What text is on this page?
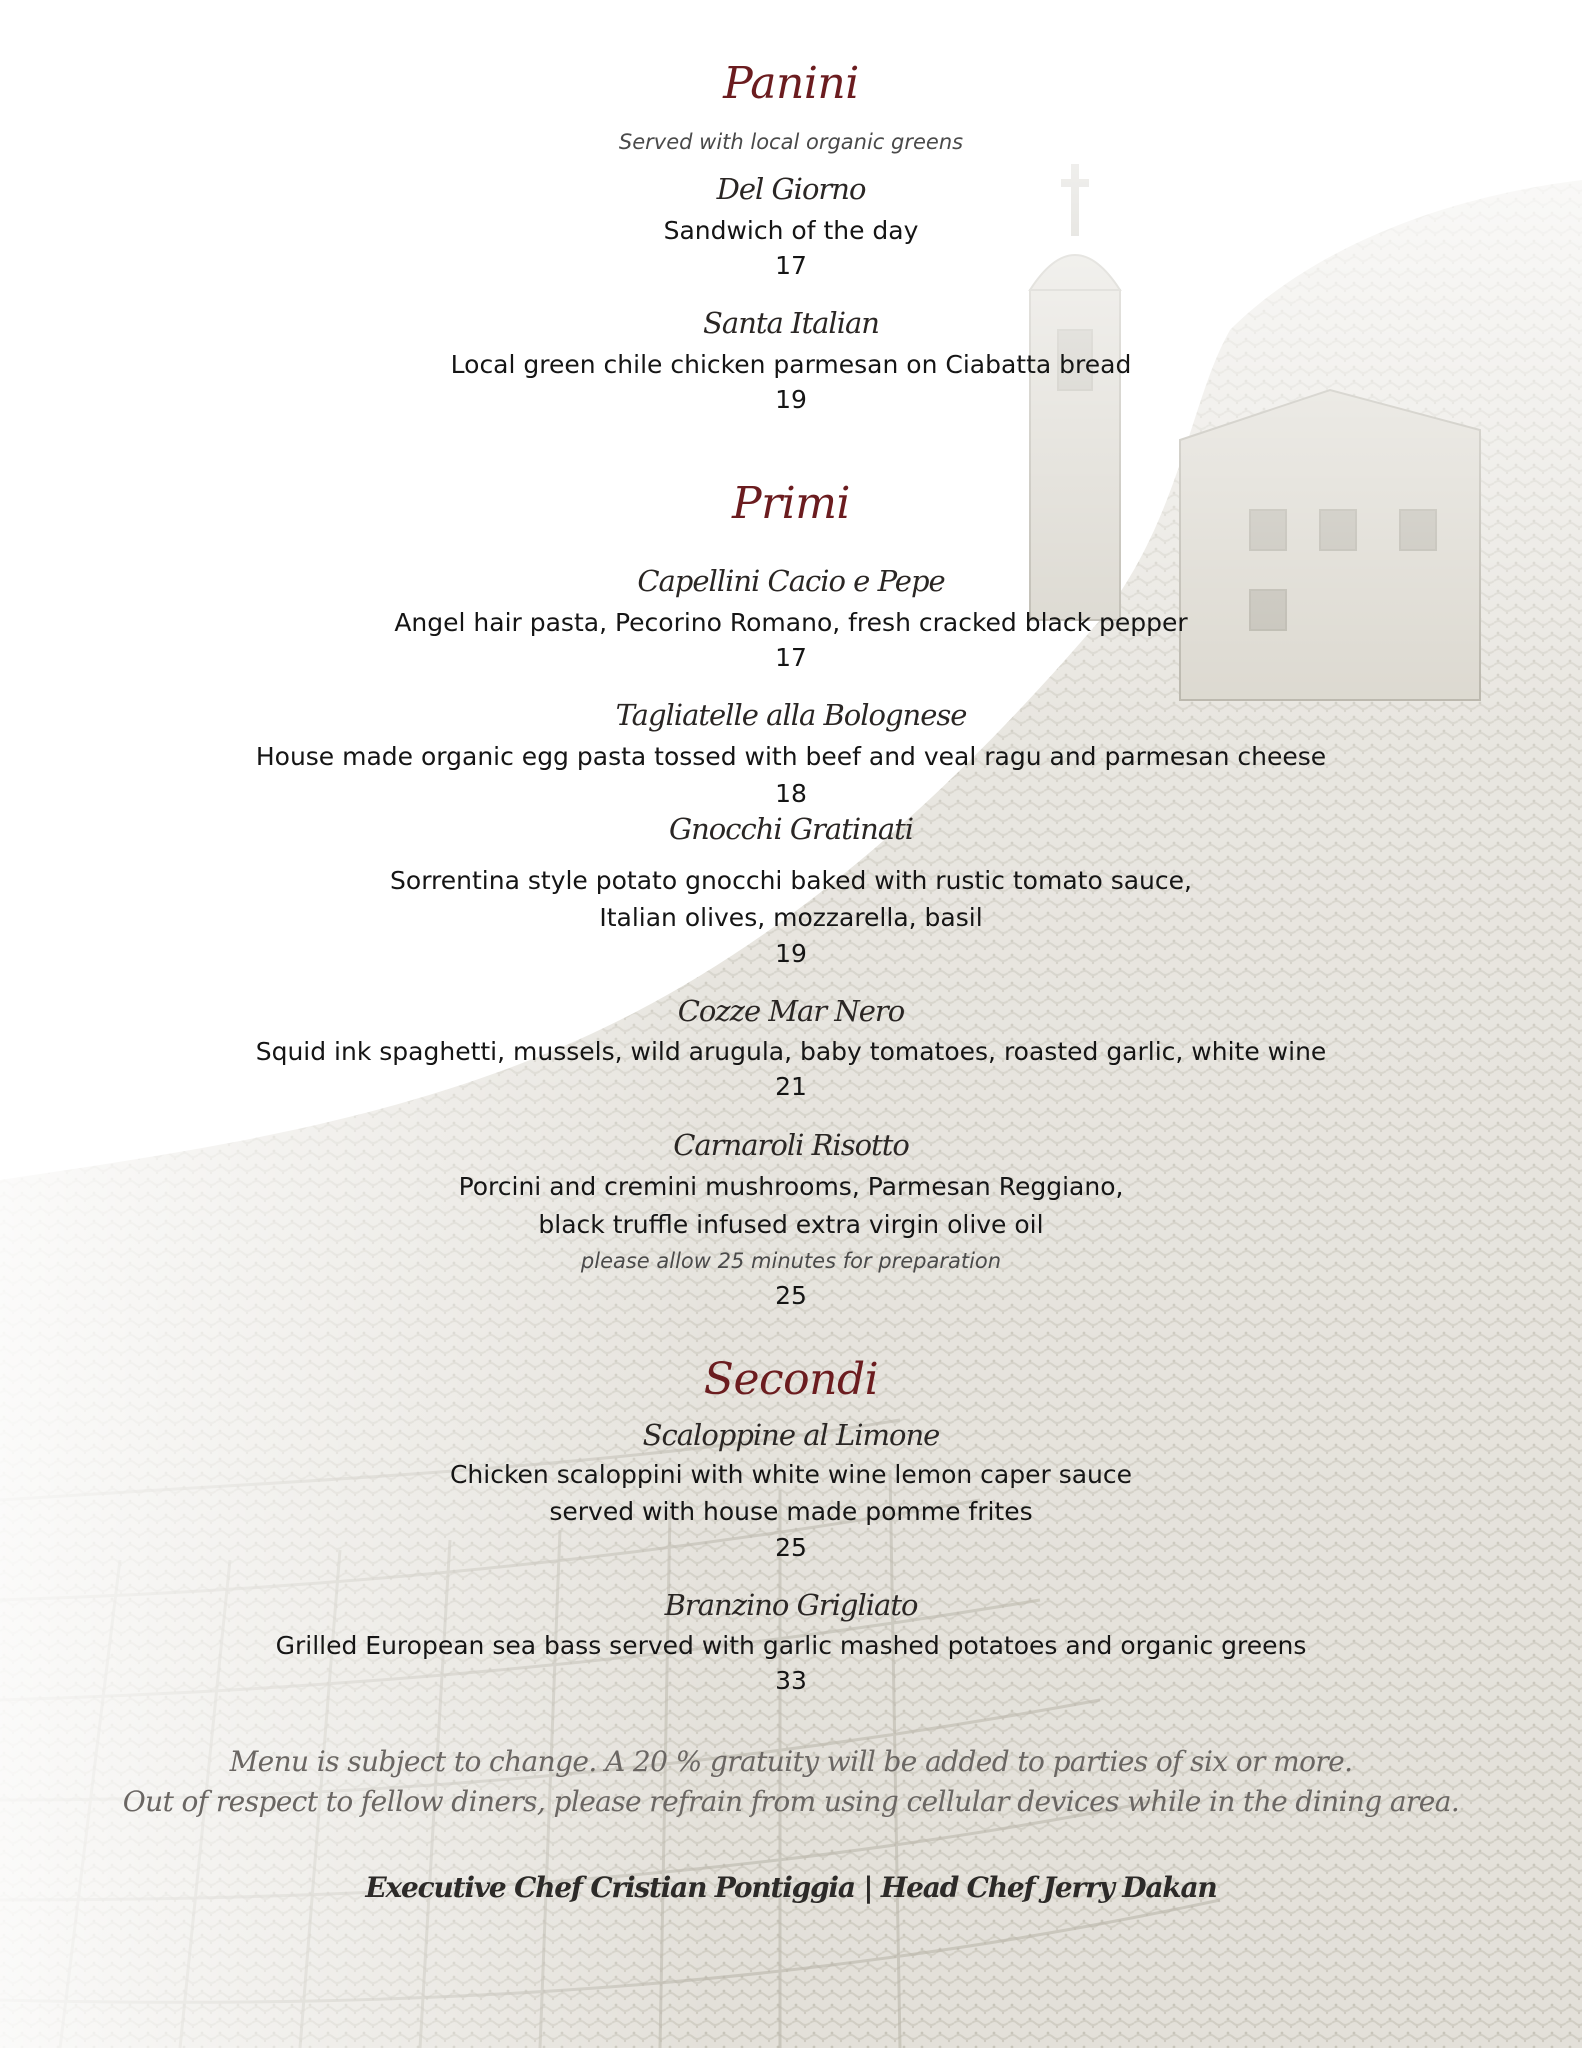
Panini
Served with local organic greens
Del Giorno
Sandwich of the day
17
Santa Italian
Local green chile chicken parmesan on Ciabatta bread
19
Primi
Capellini Cacio e Pepe
Angel hair pasta, Pecorino Romano, fresh cracked black pepper
17
Tagliatelle alla Bolognese
House made organic egg pasta tossed with beef and veal ragu and parmesan cheese
18
Gnocchi Gratinati
Sorrentina style potato gnocchi baked with rustic tomato sauce,
Italian olives, mozzarella, basil
19
Cozze Mar Nero
Squid ink spaghetti, mussels, wild arugula, baby tomatoes, roasted garlic, white wine
21
Carnaroli Risotto
Porcini and cremini mushrooms, Parmesan Reggiano,
black truffle infused extra virgin olive oil
please allow 25 minutes for preparation
25
Secondi
Scaloppine al Limone
Chicken scaloppini with white wine lemon caper sauce
served with house made pomme frites
25
Branzino Grigliato
Grilled European sea bass served with garlic mashed potatoes and organic greens
33
Menu is subject to change. A 20 % gratuity will be added to parties of six or more.
Out of respect to fellow diners, please refrain from using cellular devices while in the dining area.
Executive Chef Cristian Pontiggia | Head Chef Jerry Dakan
